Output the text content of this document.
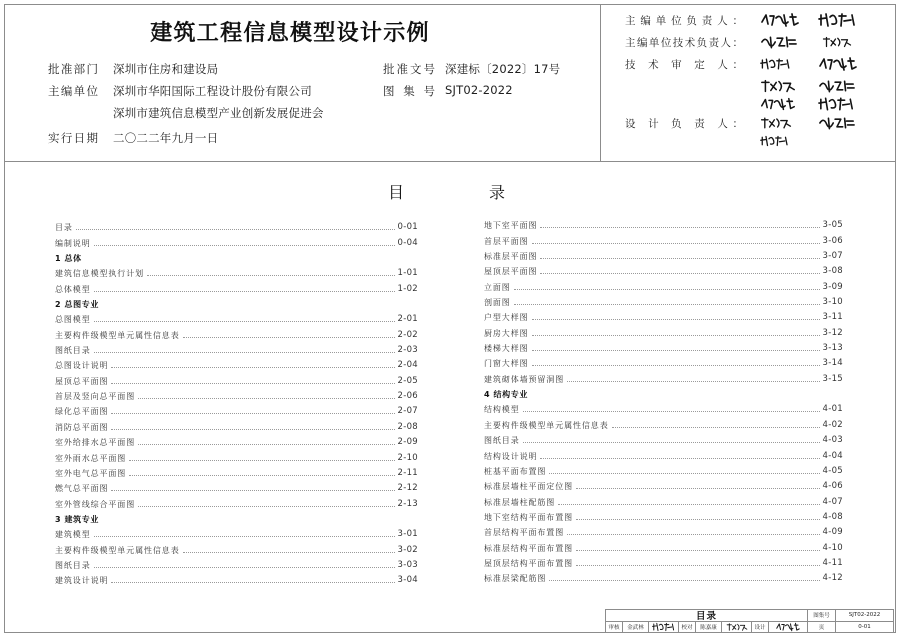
建筑工程信息模型设计示例
批准部门 深圳市住房和建设局	批准文号 深建标〔2022〕17号
主编单位 深圳市华阳国际工程设计股份有限公司	图 集 号 SJT02-2022
深圳市建筑信息模型产业创新发展促进会
实行日期 二〇二二年九月一日
主编单位负责人：
主编单位技术负责人：
技 术 审 定 人：
设 计 负 责 人：
目录
目录	0-01
编制说明	0-04
1 总体
建筑信息模型执行计划	1-01
总体模型	1-02
2 总图专业
总图模型	2-01
主要构件级模型单元属性信息表	2-02
图纸目录	2-03
总图设计说明	2-04
屋顶总平面图	2-05
首层及竖向总平面图	2-06
绿化总平面图	2-07
消防总平面图	2-08
室外给排水总平面图	2-09
室外雨水总平面图	2-10
室外电气总平面图	2-11
燃气总平面图	2-12
室外管线综合平面图	2-13
3 建筑专业
建筑模型	3-01
主要构件级模型单元属性信息表	3-02
图纸目录	3-03
建筑设计说明	3-04
地下室平面图	3-05
首层平面图	3-06
标准层平面图	3-07
屋顶层平面图	3-08
立面图	3-09
剖面图	3-10
户型大样图	3-11
厨房大样图	3-12
楼梯大样图	3-13
门窗大样图	3-14
建筑砌体墙预留洞图	3-15
4 结构专业
结构模型	4-01
主要构件级模型单元属性信息表	4-02
图纸目录	4-03
结构设计说明	4-04
桩基平面布置图	4-05
标准层墙柱平面定位图	4-06
标准层墙柱配筋图	4-07
地下室结构平面布置图	4-08
首层结构平面布置图	4-09
标准层结构平面布置图	4-10
屋顶层结构平面布置图	4-11
标准层梁配筋图	4-12
目录	图集号	SJT02-2022
审核	金武林	校对	陈嘉康	设计	页	0-01
